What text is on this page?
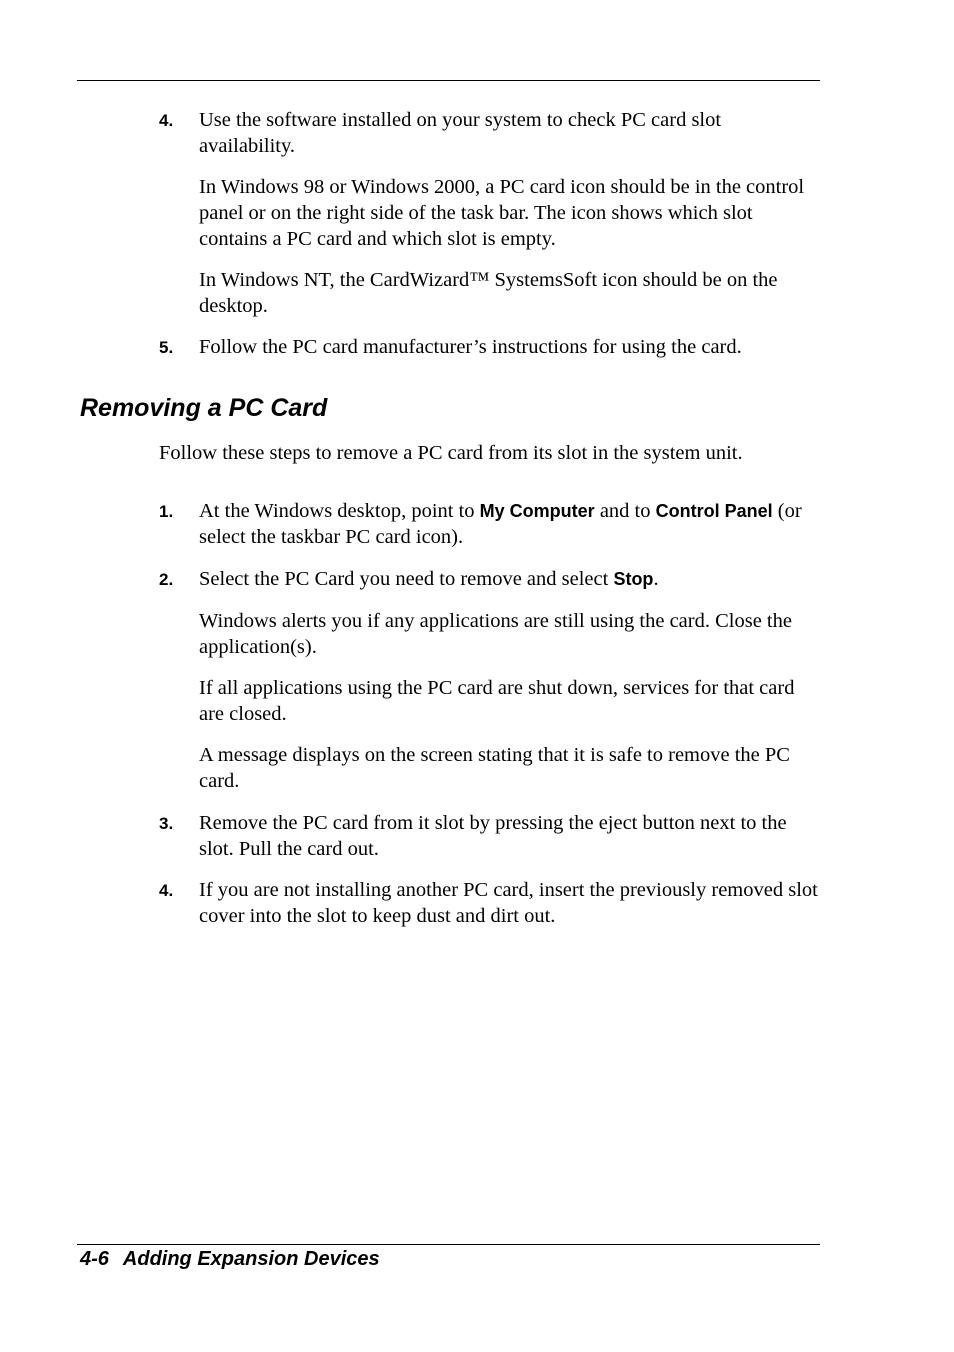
4. Use the software installed on your system to check PC card slot availability.

In Windows 98 or Windows 2000, a PC card icon should be in the control panel or on the right side of the task bar. The icon shows which slot contains a PC card and which slot is empty.

In Windows NT, the CardWizard™ SystemsSoft icon should be on the desktop.

5. Follow the PC card manufacturer’s instructions for using the card.

Removing a PC Card

Follow these steps to remove a PC card from its slot in the system unit.

1. At the Windows desktop, point to My Computer and to Control Panel (or select the taskbar PC card icon).

2. Select the PC Card you need to remove and select Stop.

Windows alerts you if any applications are still using the card. Close the application(s).

If all applications using the PC card are shut down, services for that card are closed.

A message displays on the screen stating that it is safe to remove the PC card.

3. Remove the PC card from it slot by pressing the eject button next to the slot. Pull the card out.

4. If you are not installing another PC card, insert the previously removed slot cover into the slot to keep dust and dirt out.

4-6 Adding Expansion Devices
